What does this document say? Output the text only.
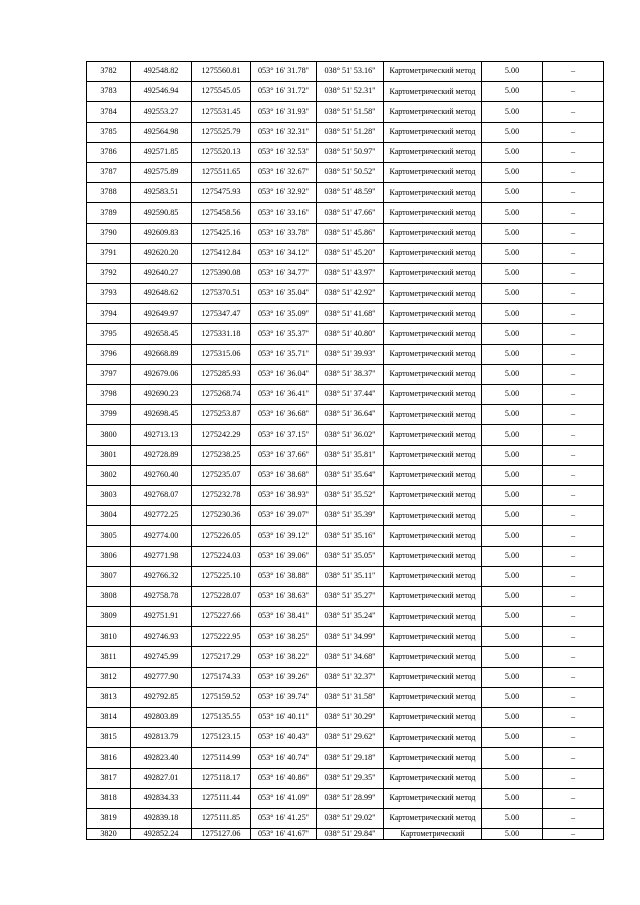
3782	492548.82	1275560.81	053° 16' 31.78"	038° 51' 53.16"	Картометрический метод	5.00	–
3783	492546.94	1275545.05	053° 16' 31.72"	038° 51' 52.31"	Картометрический метод	5.00	–
3784	492553.27	1275531.45	053° 16' 31.93"	038° 51' 51.58"	Картометрический метод	5.00	–
3785	492564.98	1275525.79	053° 16' 32.31"	038° 51' 51.28"	Картометрический метод	5.00	–
3786	492571.85	1275520.13	053° 16' 32.53"	038° 51' 50.97"	Картометрический метод	5.00	–
3787	492575.89	1275511.65	053° 16' 32.67"	038° 51' 50.52"	Картометрический метод	5.00	–
3788	492583.51	1275475.93	053° 16' 32.92"	038° 51' 48.59"	Картометрический метод	5.00	–
3789	492590.85	1275458.56	053° 16' 33.16"	038° 51' 47.66"	Картометрический метод	5.00	–
3790	492609.83	1275425.16	053° 16' 33.78"	038° 51' 45.86"	Картометрический метод	5.00	–
3791	492620.20	1275412.84	053° 16' 34.12"	038° 51' 45.20"	Картометрический метод	5.00	–
3792	492640.27	1275390.08	053° 16' 34.77"	038° 51' 43.97"	Картометрический метод	5.00	–
3793	492648.62	1275370.51	053° 16' 35.04"	038° 51' 42.92"	Картометрический метод	5.00	–
3794	492649.97	1275347.47	053° 16' 35.09"	038° 51' 41.68"	Картометрический метод	5.00	–
3795	492658.45	1275331.18	053° 16' 35.37"	038° 51' 40.80"	Картометрический метод	5.00	–
3796	492668.89	1275315.06	053° 16' 35.71"	038° 51' 39.93"	Картометрический метод	5.00	–
3797	492679.06	1275285.93	053° 16' 36.04"	038° 51' 38.37"	Картометрический метод	5.00	–
3798	492690.23	1275268.74	053° 16' 36.41"	038° 51' 37.44"	Картометрический метод	5.00	–
3799	492698.45	1275253.87	053° 16' 36.68"	038° 51' 36.64"	Картометрический метод	5.00	–
3800	492713.13	1275242.29	053° 16' 37.15"	038° 51' 36.02"	Картометрический метод	5.00	–
3801	492728.89	1275238.25	053° 16' 37.66"	038° 51' 35.81"	Картометрический метод	5.00	–
3802	492760.40	1275235.07	053° 16' 38.68"	038° 51' 35.64"	Картометрический метод	5.00	–
3803	492768.07	1275232.78	053° 16' 38.93"	038° 51' 35.52"	Картометрический метод	5.00	–
3804	492772.25	1275230.36	053° 16' 39.07"	038° 51' 35.39"	Картометрический метод	5.00	–
3805	492774.00	1275226.05	053° 16' 39.12"	038° 51' 35.16"	Картометрический метод	5.00	–
3806	492771.98	1275224.03	053° 16' 39.06"	038° 51' 35.05"	Картометрический метод	5.00	–
3807	492766.32	1275225.10	053° 16' 38.88"	038° 51' 35.11"	Картометрический метод	5.00	–
3808	492758.78	1275228.07	053° 16' 38.63"	038° 51' 35.27"	Картометрический метод	5.00	–
3809	492751.91	1275227.66	053° 16' 38.41"	038° 51' 35.24"	Картометрический метод	5.00	–
3810	492746.93	1275222.95	053° 16' 38.25"	038° 51' 34.99"	Картометрический метод	5.00	–
3811	492745.99	1275217.29	053° 16' 38.22"	038° 51' 34.68"	Картометрический метод	5.00	–
3812	492777.90	1275174.33	053° 16' 39.26"	038° 51' 32.37"	Картометрический метод	5.00	–
3813	492792.85	1275159.52	053° 16' 39.74"	038° 51' 31.58"	Картометрический метод	5.00	–
3814	492803.89	1275135.55	053° 16' 40.11"	038° 51' 30.29"	Картометрический метод	5.00	–
3815	492813.79	1275123.15	053° 16' 40.43"	038° 51' 29.62"	Картометрический метод	5.00	–
3816	492823.40	1275114.99	053° 16' 40.74"	038° 51' 29.18"	Картометрический метод	5.00	–
3817	492827.01	1275118.17	053° 16' 40.86"	038° 51' 29.35"	Картометрический метод	5.00	–
3818	492834.33	1275111.44	053° 16' 41.09"	038° 51' 28.99"	Картометрический метод	5.00	–
3819	492839.18	1275111.85	053° 16' 41.25"	038° 51' 29.02"	Картометрический метод	5.00	–
3820	492852.24	1275127.06	053° 16' 41.67"	038° 51' 29.84"	Картометрический	5.00	–
